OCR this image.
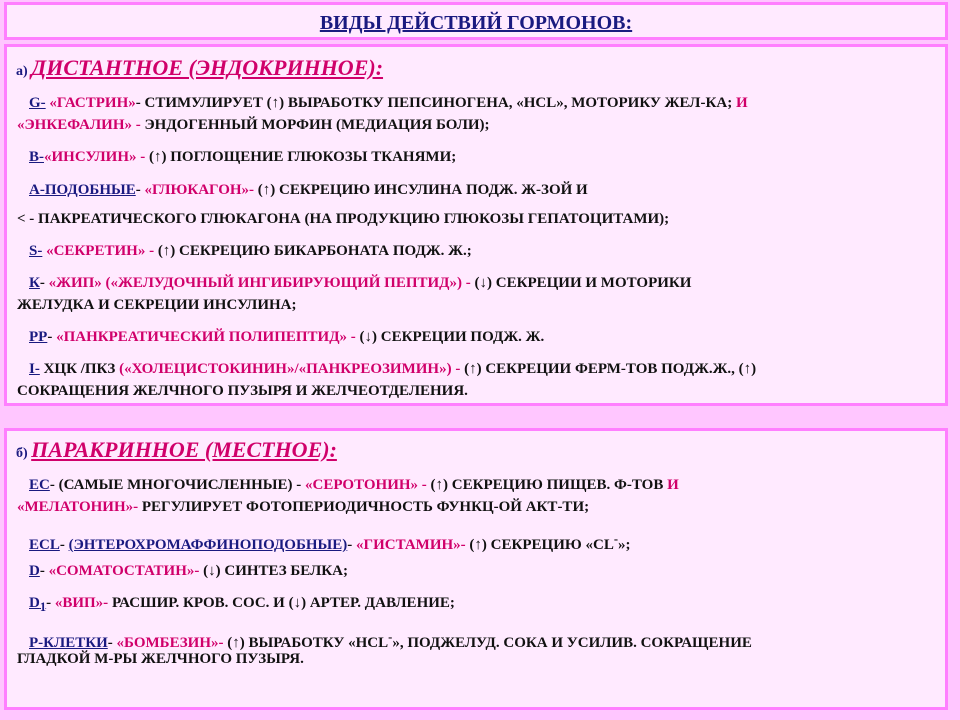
ВИДЫ ДЕЙСТВИЙ ГОРМОНОВ:
а) ДИСТАНТНОЕ (ЭНДОКРИННОЕ):
G- «ГАСТРИН»- СТИМУЛИРУЕТ (↑) ВЫРАБОТКУ ПЕПСИНОГЕНА, «HCL», МОТОРИКУ ЖЕЛ-КА; И
«ЭНКЕФАЛИН» - ЭНДОГЕННЫЙ МОРФИН (МЕДИАЦИЯ БОЛИ);
B-«ИНСУЛИН» - (↑) ПОГЛОЩЕНИЕ ГЛЮКОЗЫ ТКАНЯМИ;
A-ПОДОБНЫЕ- «ГЛЮКАГОН»- (↑) СЕКРЕЦИЮ ИНСУЛИНА ПОДЖ. Ж-ЗОЙ И
< - ПАКРЕАТИЧЕСКОГО ГЛЮКАГОНА (НА ПРОДУКЦИЮ ГЛЮКОЗЫ ГЕПАТОЦИТАМИ);
S- «СЕКРЕТИН» - (↑) СЕКРЕЦИЮ БИКАРБОНАТА ПОДЖ. Ж.;
К- «ЖИП» («ЖЕЛУДОЧНЫЙ ИНГИБИРУЮЩИЙ ПЕПТИД») - (↓) СЕКРЕЦИИ И МОТОРИКИ
ЖЕЛУДКА И СЕКРЕЦИИ ИНСУЛИНА;
PP- «ПАНКРЕАТИЧЕСКИЙ ПОЛИПЕПТИД» - (↓) СЕКРЕЦИИ ПОДЖ. Ж.
I- ХЦК /ПКЗ («ХОЛЕЦИСТОКИНИН»/«ПАНКРЕОЗИМИН») - (↑) СЕКРЕЦИИ ФЕРМ-ТОВ ПОДЖ.Ж., (↑)
СОКРАЩЕНИЯ ЖЕЛЧНОГО ПУЗЫРЯ И ЖЕЛЧЕОТДЕЛЕНИЯ.
б) ПАРАКРИННОЕ (МЕСТНОЕ):
EC- (САМЫЕ МНОГОЧИСЛЕННЫЕ) - «СЕРОТОНИН» - (↑) СЕКРЕЦИЮ ПИЩЕВ. Ф-ТОВ И
«МЕЛАТОНИН»- РЕГУЛИРУЕТ ФОТОПЕРИОДИЧНОСТЬ ФУНКЦ-ОЙ АКТ-ТИ;
ECL- (ЭНТЕРОХРОМАФФИНОПОДОБНЫЕ)- «ГИСТАМИН»- (↑) СЕКРЕЦИЮ «CL-»;
D- «СОМАТОСТАТИН»- (↓) СИНТЕЗ БЕЛКА;
$D_1-$ «ВИП»- РАСШИР. КРОВ. СОС. И (↓) АРТЕР. ДАВЛЕНИЕ;
P-КЛЕТКИ- «БОМБЕЗИН»- (↑) ВЫРАБОТКУ «HCL-», ПОДЖЕЛУД. СОКА И УСИЛИВ. СОКРАЩЕНИЕ
ГЛАДКОЙ М-РЫ ЖЕЛЧНОГО ПУЗЫРЯ.
